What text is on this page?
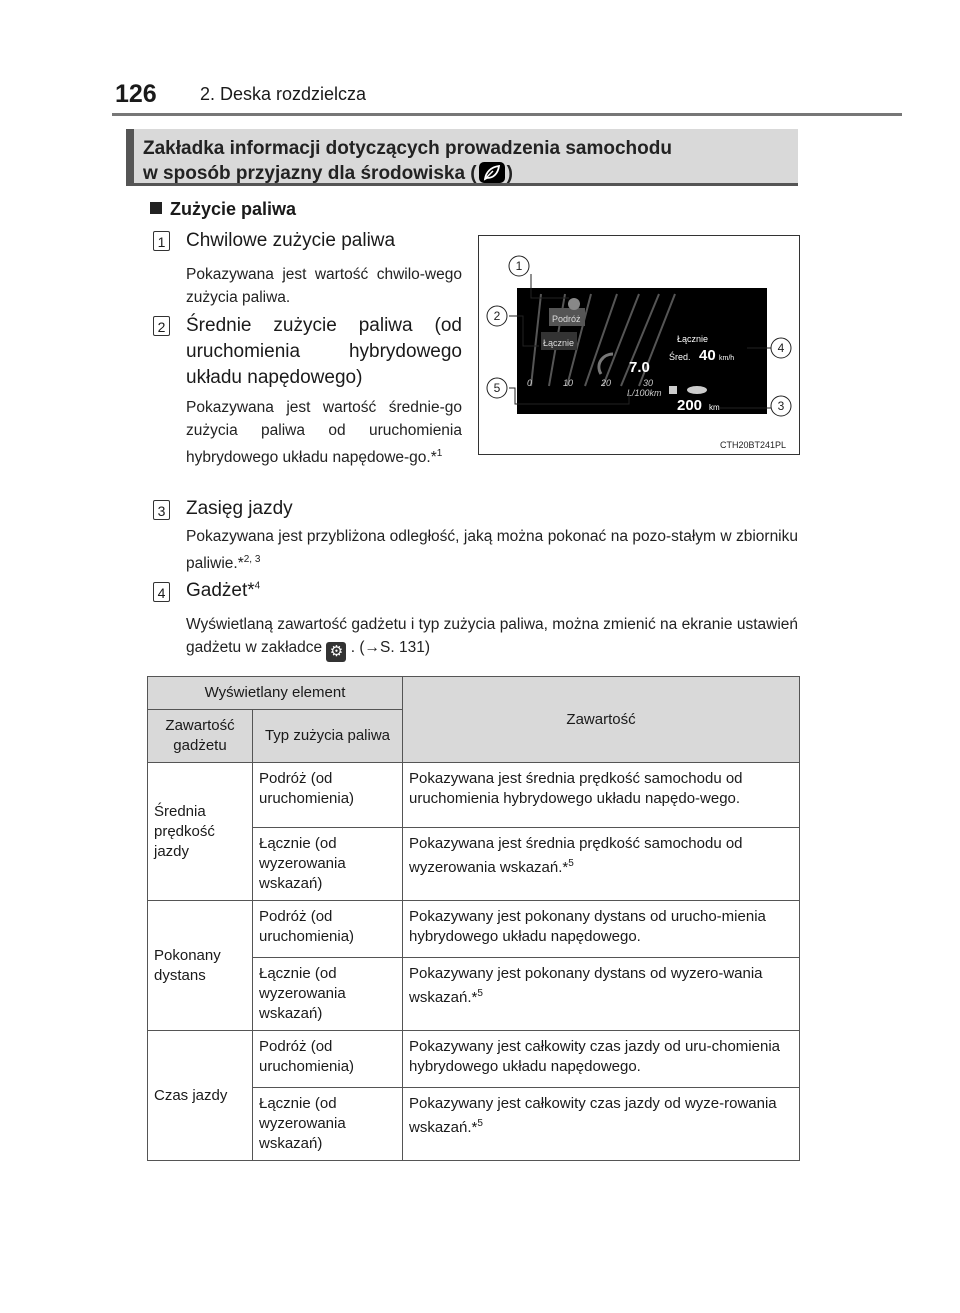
126 2. Deska rozdzielcza
Zakładka informacji dotyczących prowadzenia samochodu
w sposób przyjazny dla środowiska ( )
Zużycie paliwa
1 Chwilowe zużycie paliwa
Pokazywana jest wartość chwilo-wego zużycia paliwa.
2 Średnie zużycie paliwa (od uruchomienia hybrydowego układu napędowego)
Pokazywana jest wartość średnie-go zużycia paliwa od uruchomienia hybrydowego układu napędowe-go.*$^1$
3 Zasięg jazdy
Pokazywana jest przybliżona odległość, jaką można pokonać na pozo-stałym w zbiorniku paliwie.*$^{2, 3}$
4 Gadżet*$^4$
Wyświetlaną zawartość gadżetu i typ zużycia paliwa, można zmienić na ekranie ustawień gadżetu w zakładce ⚙ . (→S. 131)
Podróż
Łącznie
7.0
0	10	20	30
L/100km
Łącznie
Śred. 40 km/h
200 km
1
2
3
4
5
CTH20BT241PL
Wyświetlany element		Zawartość
Zawartość gadżetu	Typ zużycia paliwa	
Średnia prędkość jazdy	Podróż (od uruchomienia)	Pokazywana jest średnia prędkość samochodu od uruchomienia hybrydowego układu napędo-wego.
	Łącznie (od wyzerowania wskazań)	Pokazywana jest średnia prędkość samochodu od wyzerowania wskazań.*$^5$
Pokonany dystans	Podróż (od uruchomienia)	Pokazywany jest pokonany dystans od urucho-mienia hybrydowego układu napędowego.
	Łącznie (od wyzerowania wskazań)	Pokazywany jest pokonany dystans od wyzero-wania wskazań.*$^5$
Czas jazdy	Podróż (od uruchomienia)	Pokazywany jest całkowity czas jazdy od uru-chomienia hybrydowego układu napędowego.
	Łącznie (od wyzerowania wskazań)	Pokazywany jest całkowity czas jazdy od wyze-rowania wskazań.*$^5$
